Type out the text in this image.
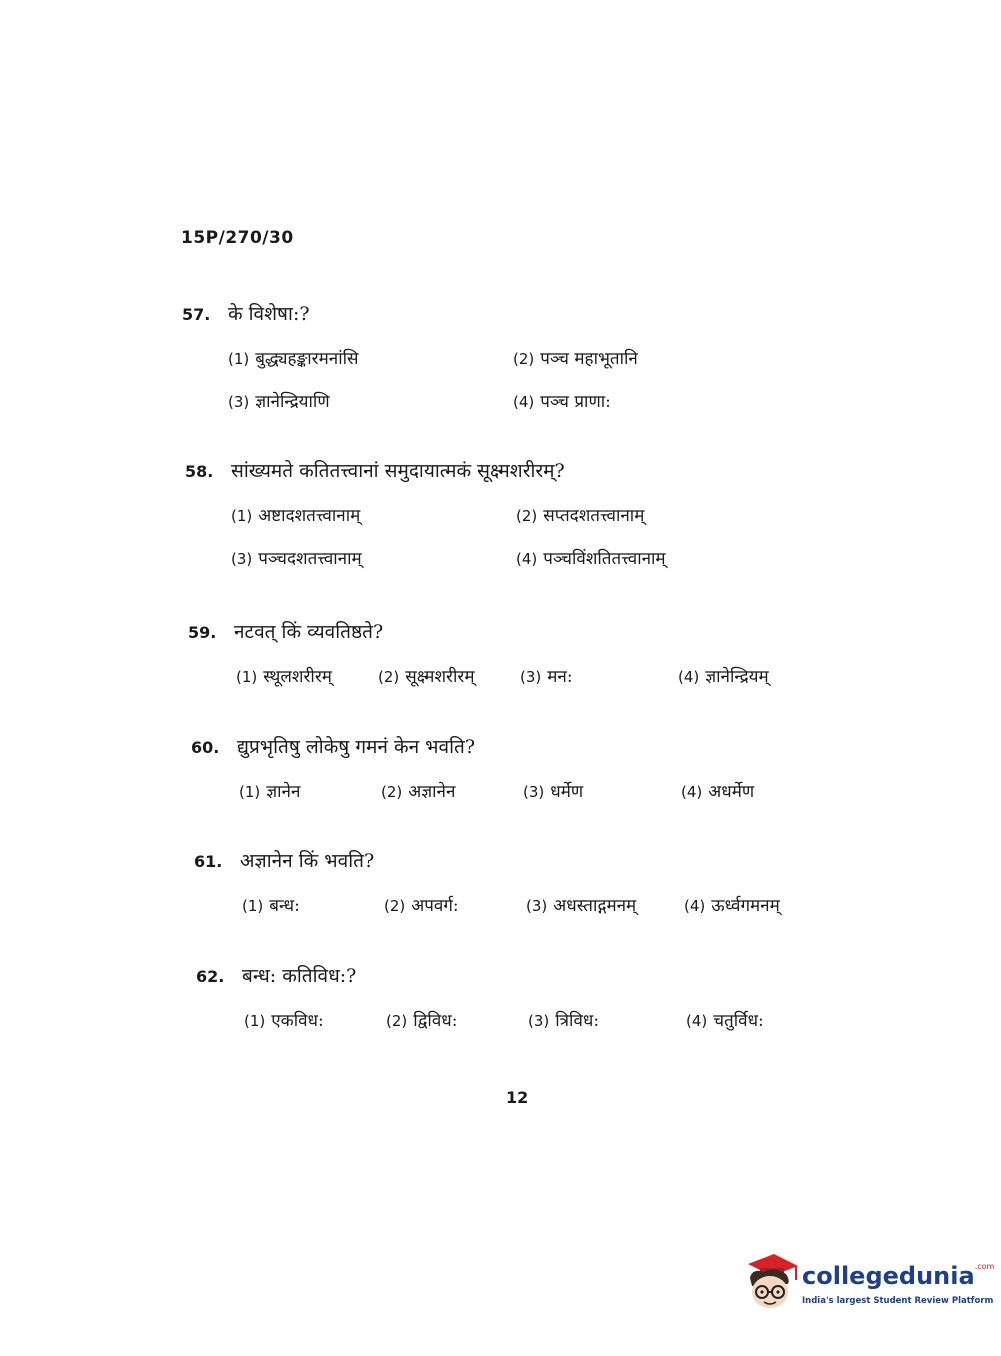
15P/270/30
57. के विशेषा:?
(1) बुद्ध्यहङ्कारमनांसि	(2) पञ्च महाभूतानि
(3) ज्ञानेन्द्रियाणि	(4) पञ्च प्राणा:
58. सांख्यमते कतितत्त्वानां समुदायात्मकं सूक्ष्मशरीरम्?
(1) अष्टादशतत्त्वानाम्	(2) सप्तदशतत्त्वानाम्
(3) पञ्चदशतत्त्वानाम्	(4) पञ्चविंशतितत्त्वानाम्
59. नटवत् किं व्यवतिष्ठते?
(1) स्थूलशरीरम्	(2) सूक्ष्मशरीरम्	(3) मन:	(4) ज्ञानेन्द्रियम्
60. द्युप्रभृतिषु लोकेषु गमनं केन भवति?
(1) ज्ञानेन	(2) अज्ञानेन	(3) धर्मेण	(4) अधर्मेण
61. अज्ञानेन किं भवति?
(1) बन्ध:	(2) अपवर्ग:	(3) अधस्ताद्गमनम्	(4) ऊर्ध्वगमनम्
62. बन्ध: कतिविध:?
(1) एकविध:	(2) द्विविध:	(3) त्रिविध:	(4) चतुर्विध:
12
collegedunia$^{.com}$
India's largest Student Review Platform
